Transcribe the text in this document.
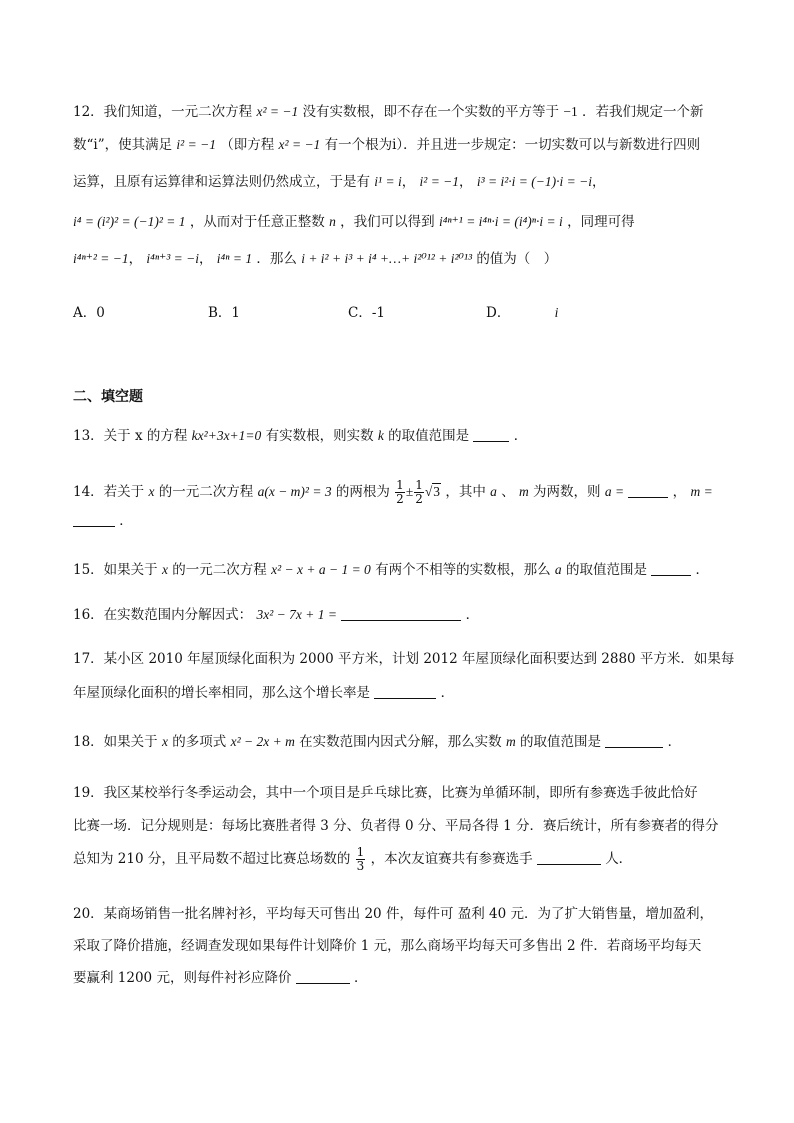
12．我们知道，一元二次方程 x² = −1 没有实数根，即不存在一个实数的平方等于 −1 ．若我们规定一个新
数“i”，使其满足 i² = −1 （即方程 x² = −1 有一个根为i）．并且进一步规定：一切实数可以与新数进行四则
运算，且原有运算律和运算法则仍然成立，于是有 i¹ = i， i² = −1， i³ = i²·i = (−1)·i = −i，
i⁴ = (i²)² = (−1)² = 1 ，从而对于任意正整数 n ，我们可以得到 i⁴ⁿ⁺¹ = i⁴ⁿ·i = (i⁴)ⁿ·i = i ，同理可得
i⁴ⁿ⁺² = −1， i⁴ⁿ⁺³ = −i， i⁴ⁿ = 1 ．那么 i + i² + i³ + i⁴ +…+ i²⁰¹² + i²⁰¹³ 的值为（　）
A．0	B．1	C．-1	D．	i
二、填空题
13．关于 x 的方程 kx²+3x+1=0 有实数根，则实数 k 的取值范围是	．
14．若关于 x 的一元二次方程 a(x − m)² = 3 的两根为 $\frac{1}{2} \pm \frac{1}{2} √3$ ，其中 a 、 m 为两数，则 a =	， m =
．
15．如果关于 x 的一元二次方程 x² − x + a − 1 = 0 有两个不相等的实数根，那么 a 的取值范围是	．
16．在实数范围内分解因式： 3x² − 7x + 1 =	．
17．某小区 2010 年屋顶绿化面积为 2000 平方米，计划 2012 年屋顶绿化面积要达到 2880 平方米．如果每
年屋顶绿化面积的增长率相同，那么这个增长率是	．
18．如果关于 x 的多项式 x² − 2x + m 在实数范围内因式分解，那么实数 m 的取值范围是	．
19．我区某校举行冬季运动会，其中一个项目是乒乓球比赛，比赛为单循环制，即所有参赛选手彼此恰好
比赛一场．记分规则是：每场比赛胜者得 3 分、负者得 0 分、平局各得 1 分．赛后统计，所有参赛者的得分
总知为 210 分，且平局数不超过比赛总场数的 $\frac{1}{3}$ ，本次友谊赛共有参赛选手	人．
20．某商场销售一批名牌衬衫，平均每天可售出 20 件，每件可 盈利 40 元．为了扩大销售量，增加盈利，
采取了降价措施，经调查发现如果每件计划降价 1 元，那么商场平均每天可多售出 2 件．若商场平均每天
要赢利 1200 元，则每件衬衫应降价	．
